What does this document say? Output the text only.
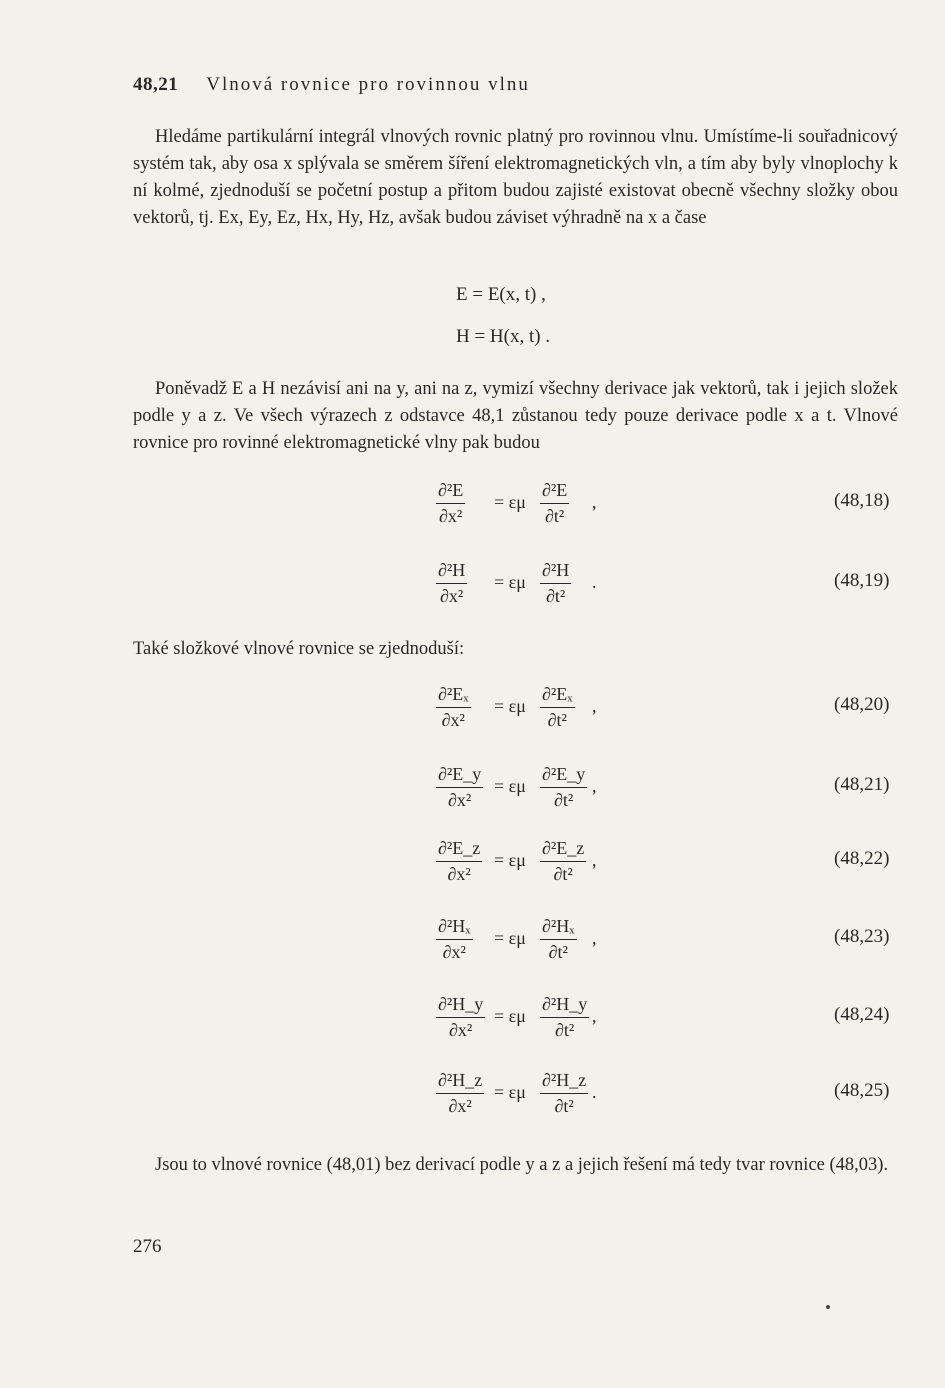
48,21 Vlnová rovnice pro rovinnou vlnu

Hledáme partikulární integrál vlnových rovnic platný pro rovinnou vlnu. Umístíme-li souřadnicový systém tak, aby osa x splývala se směrem šíření elektromagnetických vln, a tím aby byly vlnoplochy k ní kolmé, zjednoduší se početní postup a přitom budou zajisté existovat obecně všechny složky obou vektorů, tj. Ex, Ey, Ez, Hx, Hy, Hz, avšak budou záviset výhradně na x a čase

E = E(x, t) ,
H = H(x, t) .

Poněvadž E a H nezávisí ani na y, ani na z, vymizí všechny derivace jak vektorů, tak i jejich složek podle y a z. Ve všech výrazech z odstavce 48,1 zůstanou tedy pouze derivace podle x a t. Vlnové rovnice pro rovinné elektromagnetické vlny pak budou

$\frac{\text{∂²E}}{\text{∂x²}} = \varepsilon\mu \frac{\text{∂²E}}{\text{∂t²}}$ ,	(48,18)
$\frac{\text{∂²H}}{\text{∂x²}} = \varepsilon\mu \frac{\text{∂²H}}{\text{∂t²}}$ .	(48,19)

Také složkové vlnové rovnice se zjednoduší:

$\frac{\text{∂²Eₓ}}{\text{∂x²}} = \varepsilon\mu \frac{\text{∂²Eₓ}}{\text{∂t²}}$ ,	(48,20)
$\frac{\text{∂²E\_y}}{\text{∂x²}} = \varepsilon\mu \frac{\text{∂²E\_y}}{\text{∂t²}}$ ,	(48,21)
$\frac{\text{∂²E\_z}}{\text{∂x²}} = \varepsilon\mu \frac{\text{∂²E\_z}}{\text{∂t²}}$ ,	(48,22)
$\frac{\text{∂²Hₓ}}{\text{∂x²}} = \varepsilon\mu \frac{\text{∂²Hₓ}}{\text{∂t²}}$ ,	(48,23)
$\frac{\text{∂²H\_y}}{\text{∂x²}} = \varepsilon\mu \frac{\text{∂²H\_y}}{\text{∂t²}}$ ,	(48,24)
$\frac{\text{∂²H\_z}}{\text{∂x²}} = \varepsilon\mu \frac{\text{∂²H\_z}}{\text{∂t²}}$ .	(48,25)

Jsou to vlnové rovnice (48,01) bez derivací podle y a z a jejich řešení má tedy tvar rovnice (48,03).

276
